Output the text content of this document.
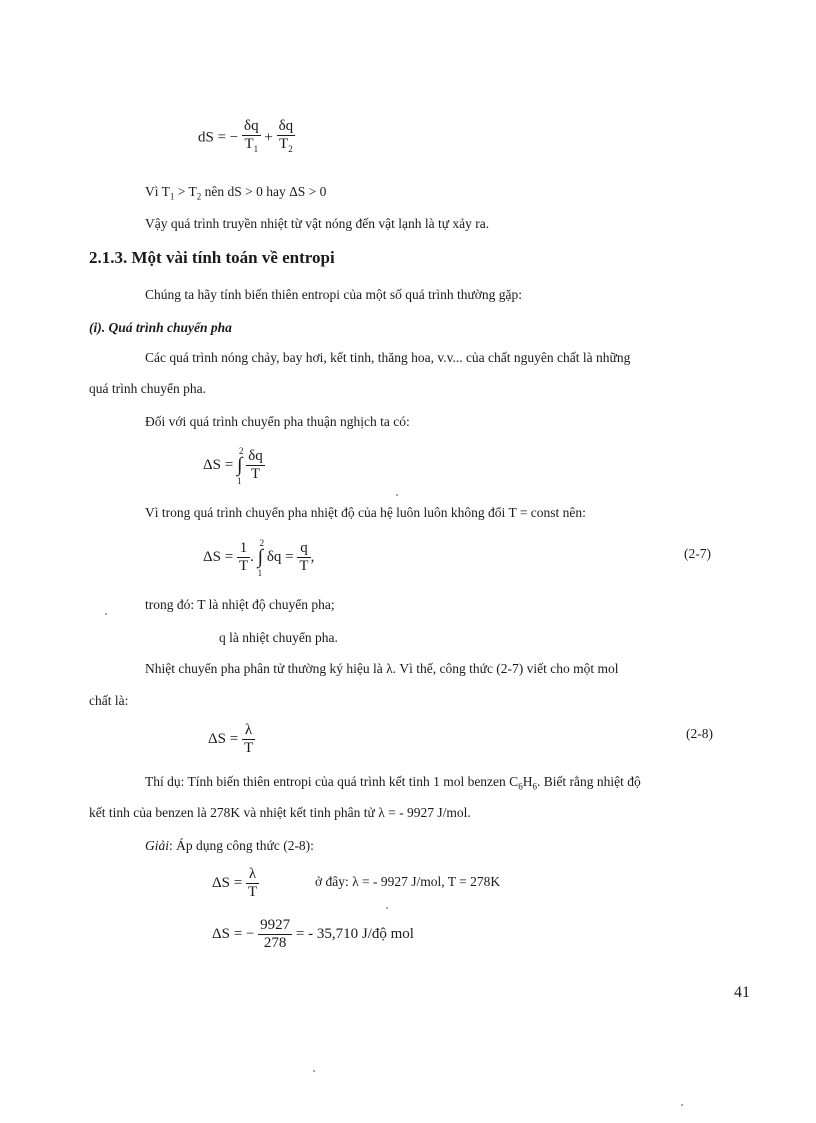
dS = − $\frac{\delta q}{T_1} + \frac{\delta q}{T_2}$
Vì $T_1 > T_2$ nên dS > 0 hay ΔS > 0
Vậy quá trình truyền nhiệt từ vật nóng đến vật lạnh là tự xảy ra.
2.1.3. Một vài tính toán về entropi
Chúng ta hãy tính biến thiên entropi của một số quá trình thường gặp:
(i). Quá trình chuyển pha
Các quá trình nóng chảy, bay hơi, kết tinh, thăng hoa, v.v... của chất nguyên chất là những
quá trình chuyển pha.
Đối với quá trình chuyển pha thuận nghịch ta có:
ΔS = ∫
2
1
$\frac{\delta q}{T}$
Vì trong quá trình chuyển pha nhiệt độ của hệ luôn luôn không đổi T = const nên:
$\Delta S = \frac{1}{T}$ . ∫
2
1
$\delta q = \frac{q}{T}$ ,	(2-7)
trong đó: T là nhiệt độ chuyển pha;
q là nhiệt chuyển pha.
Nhiệt chuyển pha phân tử thường ký hiệu là λ. Vì thế, công thức (2-7) viết cho một mol
chất là:
$\Delta S = \frac{\lambda}{T}$	(2-8)
Thí dụ: Tính biến thiên entropi của quá trình kết tinh 1 mol benzen $C_6H_6$. Biết rằng nhiệt độ
kết tinh của benzen là 278K và nhiệt kết tinh phân tử λ = - 9927 J/mol.
Giải: Áp dụng công thức (2-8):
$\Delta S = \frac{\lambda}{T}$	ở đây: λ = - 9927 J/mol, T = 278K
ΔS = − $\frac{9927}{278}$ = - 35,710 J/độ mol
41
